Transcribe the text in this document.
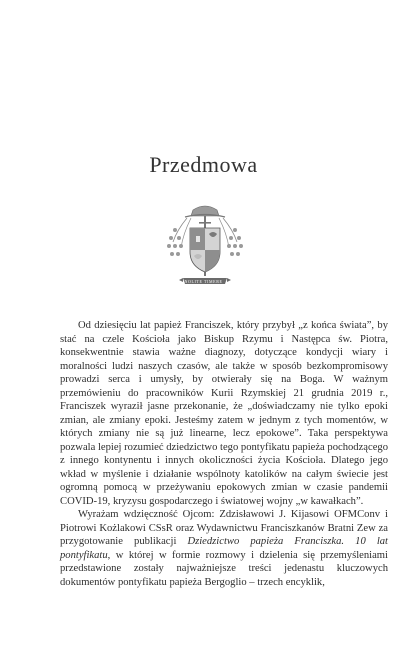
Przedmowa
NOLITE TIMERE

Od dziesięciu lat papież Franciszek, który przybył „z końca świata”, by stać na czele Kościoła jako Biskup Rzymu i Następca św. Piotra, konsekwentnie stawia ważne diagnozy, dotyczące kondycji wiary i moralności ludzi naszych czasów, ale także w sposób bezkompromisowy prowadzi serca i umysły, by otwierały się na Boga. W ważnym przemówieniu do pracowników Kurii Rzymskiej 21 grudnia 2019 r., Franciszek wyraził jasne przekonanie, że „doświadczamy nie tylko epoki zmian, ale zmiany epoki. Jesteśmy zatem w jednym z tych momentów, w których zmiany nie są już linearne, lecz epokowe”. Taka perspektywa pozwala lepiej rozumieć dziedzictwo tego pontyfikatu papieża pochodzącego z innego kontynentu i innych okoliczności życia Kościoła. Dlatego jego wkład w myślenie i działanie wspólnoty katolików na całym świecie jest ogromną pomocą w przeżywaniu epokowych zmian w czasie pandemii COVID-19, kryzysu gospodarczego i światowej wojny „w kawałkach”.

Wyrażam wdzięczność Ojcom: Zdzisławowi J. Kijasowi OFMConv i Piotrowi Kożlakowi CSsR oraz Wydawnictwu Franciszkanów Bratni Zew za przygotowanie publikacji Dziedzictwo papieża Franciszka. 10 lat pontyfikatu, w której w formie rozmowy i dzielenia się przemyśleniami przedstawione zostały najważniejsze treści jedenastu kluczowych dokumentów pontyfikatu papieża Bergoglio – trzech encyklik,
